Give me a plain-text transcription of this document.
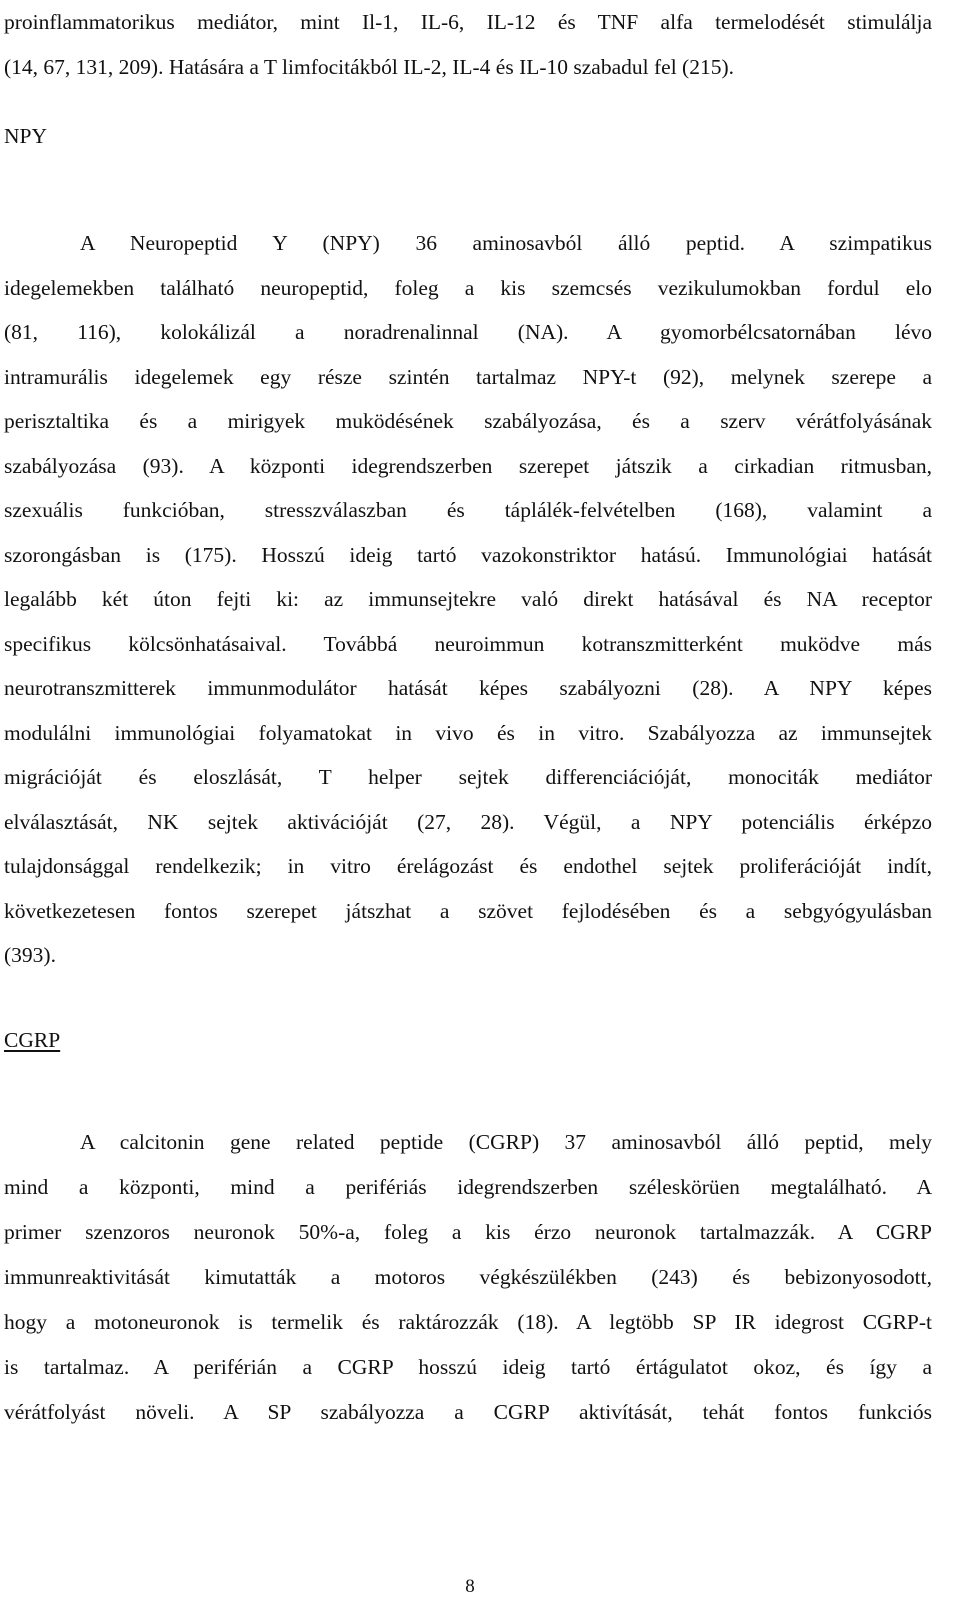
proinflammatorikus mediátor, mint Il-1, IL-6, IL-12 és TNF alfa termelodését stimulálja
(14, 67, 131, 209). Hatására a T limfocitákból IL-2, IL-4 és IL-10 szabadul fel (215).
NPY
A Neuropeptid Y (NPY) 36 aminosavból álló peptid. A szimpatikus
idegelemekben található neuropeptid, foleg a kis szemcsés vezikulumokban fordul elo
(81, 116), kolokálizál a noradrenalinnal (NA). A gyomorbélcsatornában lévo
intramurális idegelemek egy része szintén tartalmaz NPY-t (92), melynek szerepe a
perisztaltika és a mirigyek muködésének szabályozása, és a szerv vérátfolyásának
szabályozása (93). A központi idegrendszerben szerepet játszik a cirkadian ritmusban,
szexuális funkcióban, stresszválaszban és táplálék-felvételben (168), valamint a
szorongásban is (175). Hosszú ideig tartó vazokonstriktor hatású. Immunológiai hatását
legalább két úton fejti ki: az immunsejtekre való direkt hatásával és NA receptor
specifikus kölcsönhatásaival. Továbbá neuroimmun kotranszmitterként muködve más
neurotranszmitterek immunmodulátor hatását képes szabályozni (28). A NPY képes
modulálni immunológiai folyamatokat in vivo és in vitro. Szabályozza az immunsejtek
migrációját és eloszlását, T helper sejtek differenciációját, monociták mediátor
elválasztását, NK sejtek aktivációját (27, 28). Végül, a NPY potenciális érképzo
tulajdonsággal rendelkezik; in vitro érelágozást és endothel sejtek proliferációját indít,
következetesen fontos szerepet játszhat a szövet fejlodésében és a sebgyógyulásban
(393).
CGRP
A calcitonin gene related peptide (CGRP) 37 aminosavból álló peptid, mely
mind a központi, mind a perifériás idegrendszerben széleskörüen megtalálható. A
primer szenzoros neuronok 50%-a, foleg a kis érzo neuronok tartalmazzák. A CGRP
immunreaktivitását kimutatták a motoros végkészülékben (243) és bebizonyosodott,
hogy a motoneuronok is termelik és raktározzák (18). A legtöbb SP IR idegrost CGRP-t
is tartalmaz. A periférián a CGRP hosszú ideig tartó értágulatot okoz, és így a
vérátfolyást növeli. A SP szabályozza a CGRP aktivítását, tehát fontos funkciós
8
